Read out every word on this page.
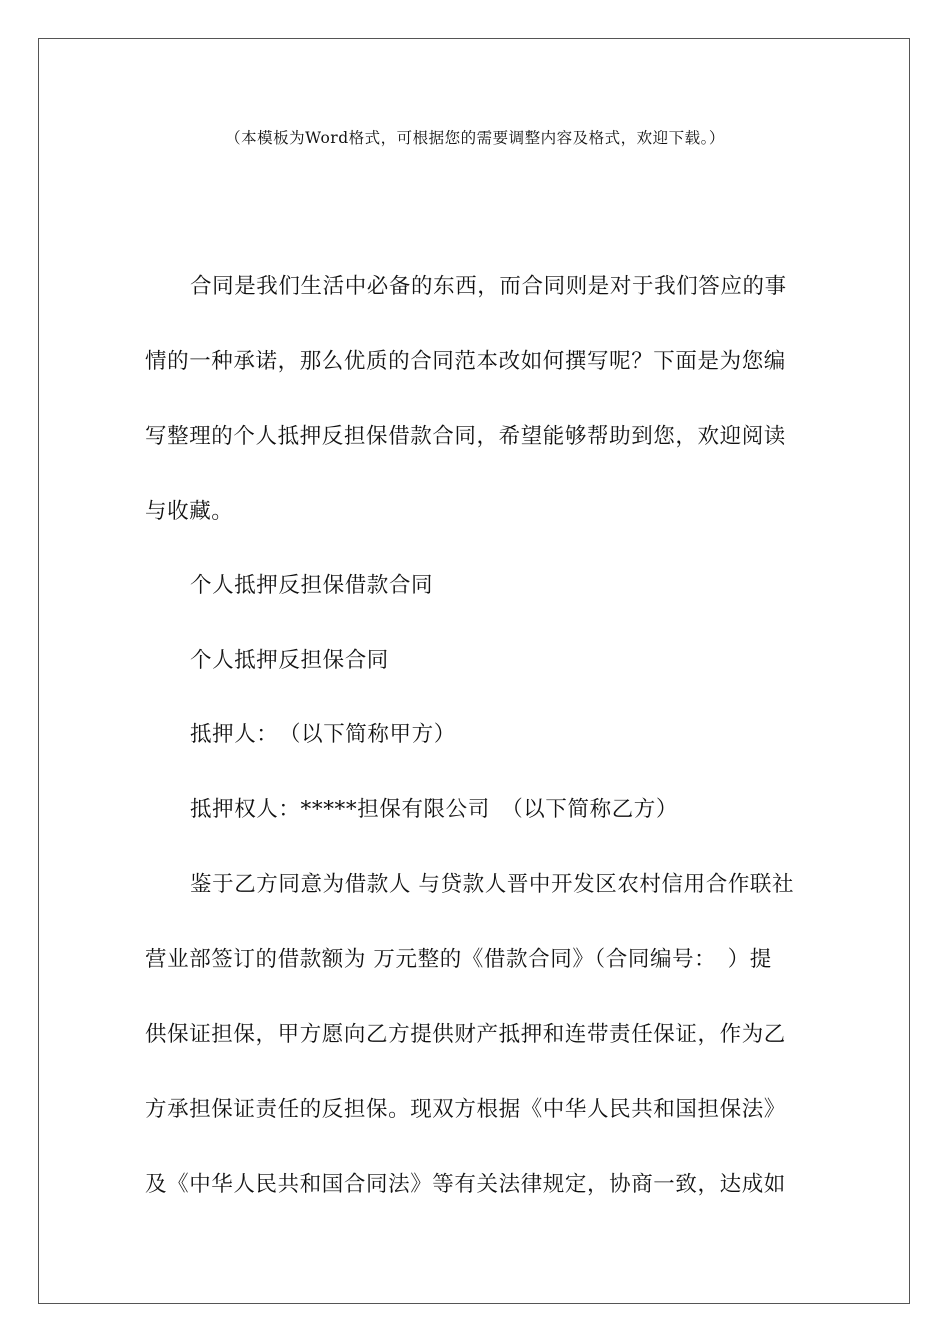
（本模板为Word格式，可根据您的需要调整内容及格式，欢迎下载。）
合同是我们生活中必备的东西，而合同则是对于我们答应的事
情的一种承诺，那么优质的合同范本改如何撰写呢？下面是为您编
写整理的个人抵押反担保借款合同，希望能够帮助到您，欢迎阅读
与收藏。
个人抵押反担保借款合同
个人抵押反担保合同
抵押人：　（以下简称甲方）
抵押权人：*****担保有限公司　（以下简称乙方）
鉴于乙方同意为借款人 与贷款人晋中开发区农村信用合作联社
营业部签订的借款额为 万元整的《借款合同》（合同编号：　）提
供保证担保，甲方愿向乙方提供财产抵押和连带责任保证，作为乙
方承担保证责任的反担保。现双方根据《中华人民共和国担保法》
及《中华人民共和国合同法》等有关法律规定，协商一致，达成如
